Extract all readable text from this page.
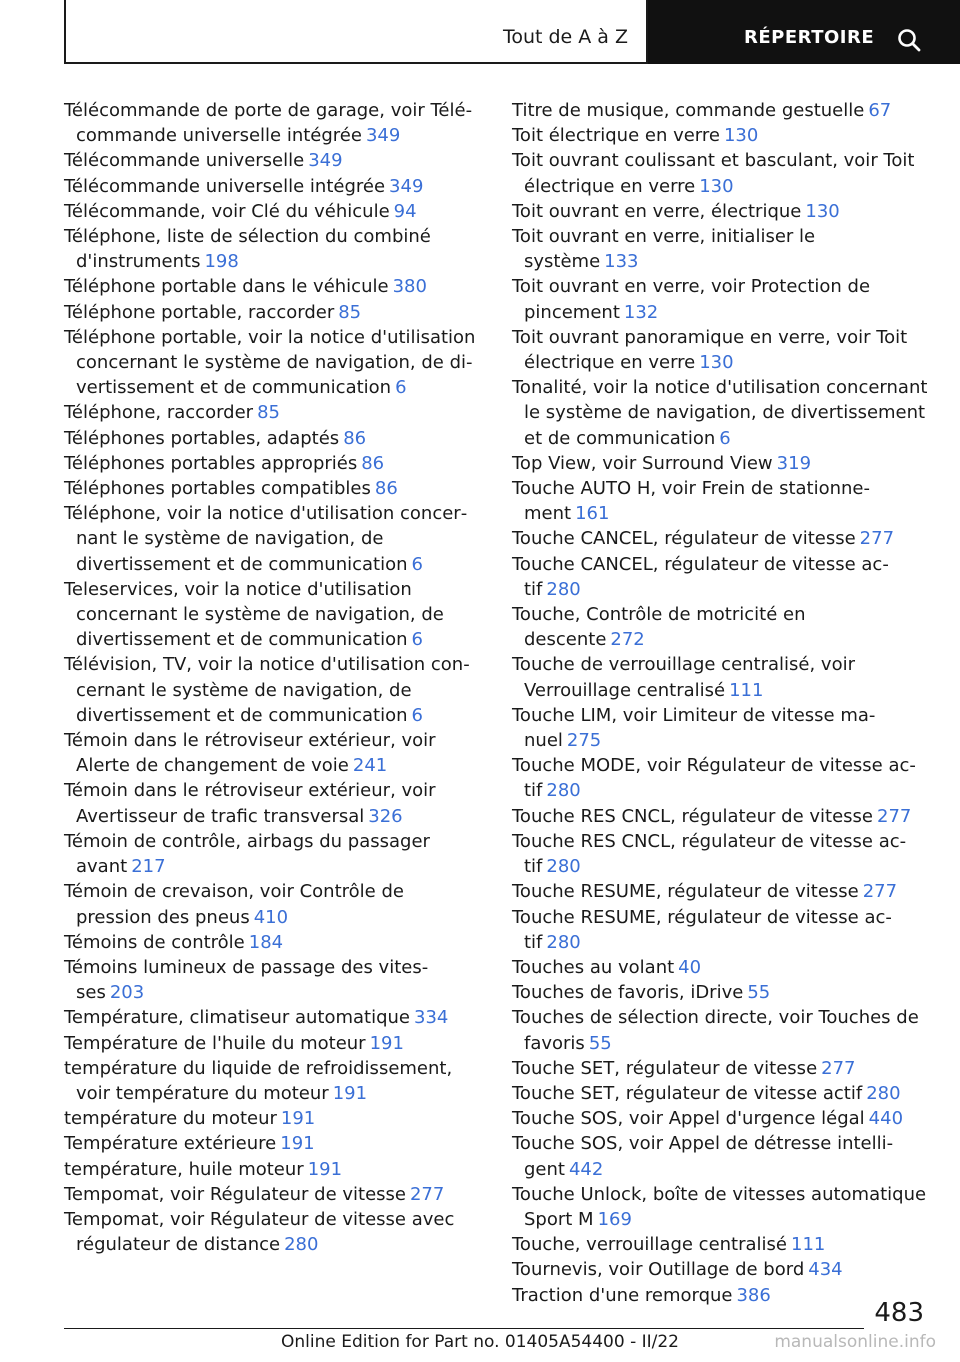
Tout de A à Z	RÉPERTOIRE
Télécommande de porte de garage, voir Télécommande universelle intégrée 349
Télécommande universelle 349
Télécommande universelle intégrée 349
Télécommande, voir Clé du véhicule 94
Téléphone, liste de sélection du combiné d'instruments 198
Téléphone portable dans le véhicule 380
Téléphone portable, raccorder 85
Téléphone portable, voir la notice d'utilisation concernant le système de navigation, de divertissement et de communication 6
Téléphone, raccorder 85
Téléphones portables, adaptés 86
Téléphones portables appropriés 86
Téléphones portables compatibles 86
Téléphone, voir la notice d'utilisation concernant le système de navigation, de divertissement et de communication 6
Teleservices, voir la notice d'utilisation concernant le système de navigation, de divertissement et de communication 6
Télévision, TV, voir la notice d'utilisation concernant le système de navigation, de divertissement et de communication 6
Témoin dans le rétroviseur extérieur, voir Alerte de changement de voie 241
Témoin dans le rétroviseur extérieur, voir Avertisseur de trafic transversal 326
Témoin de contrôle, airbags du passager avant 217
Témoin de crevaison, voir Contrôle de pression des pneus 410
Témoins de contrôle 184
Témoins lumineux de passage des vitesses 203
Température, climatiseur automatique 334
Température de l'huile du moteur 191
température du liquide de refroidissement, voir température du moteur 191
température du moteur 191
Température extérieure 191
température, huile moteur 191
Tempomat, voir Régulateur de vitesse 277
Tempomat, voir Régulateur de vitesse avec régulateur de distance 280
Titre de musique, commande gestuelle 67
Toit électrique en verre 130
Toit ouvrant coulissant et basculant, voir Toit électrique en verre 130
Toit ouvrant en verre, électrique 130
Toit ouvrant en verre, initialiser le système 133
Toit ouvrant en verre, voir Protection de pincement 132
Toit ouvrant panoramique en verre, voir Toit électrique en verre 130
Tonalité, voir la notice d'utilisation concernant le système de navigation, de divertissement et de communication 6
Top View, voir Surround View 319
Touche AUTO H, voir Frein de stationnement 161
Touche CANCEL, régulateur de vitesse 277
Touche CANCEL, régulateur de vitesse actif 280
Touche, Contrôle de motricité en descente 272
Touche de verrouillage centralisé, voir Verrouillage centralisé 111
Touche LIM, voir Limiteur de vitesse manuel 275
Touche MODE, voir Régulateur de vitesse actif 280
Touche RES CNCL, régulateur de vitesse 277
Touche RES CNCL, régulateur de vitesse actif 280
Touche RESUME, régulateur de vitesse 277
Touche RESUME, régulateur de vitesse actif 280
Touches au volant 40
Touches de favoris, iDrive 55
Touches de sélection directe, voir Touches de favoris 55
Touche SET, régulateur de vitesse 277
Touche SET, régulateur de vitesse actif 280
Touche SOS, voir Appel d'urgence légal 440
Touche SOS, voir Appel de détresse intelligent 442
Touche Unlock, boîte de vitesses automatique Sport M 169
Touche, verrouillage centralisé 111
Tournevis, voir Outillage de bord 434
Traction d'une remorque 386
483
Online Edition for Part no. 01405A54400 - II/22	manualsonline.info
